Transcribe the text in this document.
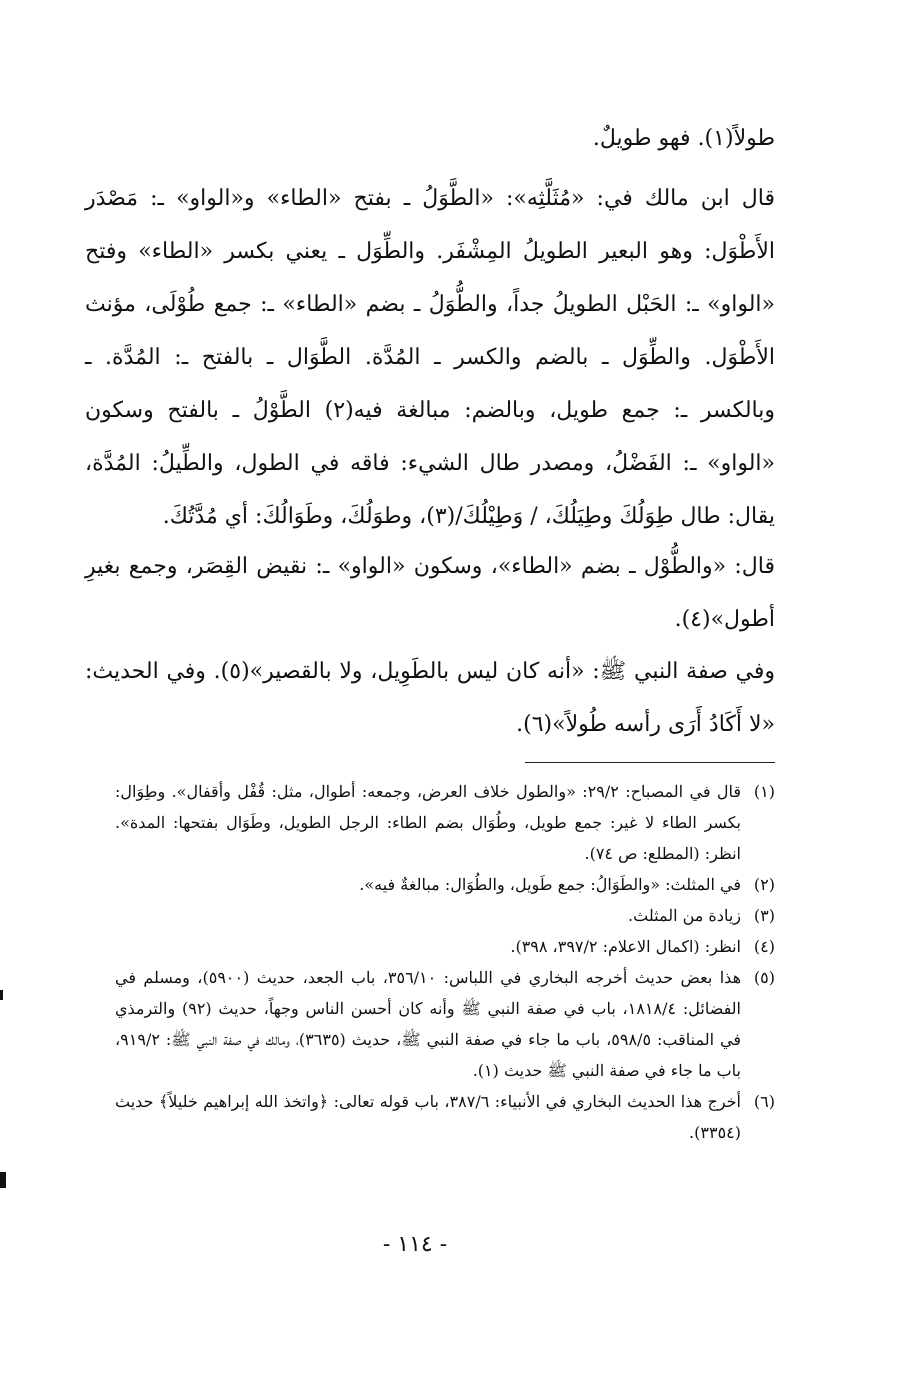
طولاً(١). فهو طويلٌ.

قال ابن مالك في: «مُثَلَّثِه»: «الطَّوَلُ ـ بفتح «الطاء» و«الواو» ـ: مَصْدَر الأَطْوَل: وهو البعير الطويلُ المِشْفَر. والطِّوَل ـ يعني بكسر «الطاء» وفتح «الواو» ـ: الحَبْل الطويلُ جداً، والطُّوَلُ ـ بضم «الطاء» ـ: جمع طُوْلَى، مؤنث الأَطْوَل. والطِّوَل ـ بالضم والكسر ـ المُدَّة. الطَّوَال ـ بالفتح ـ: المُدَّة. ـ وبالكسر ـ: جمع طويل، وبالضم: مبالغة فيه(٢) الطَّوْلُ ـ بالفتح وسكون «الواو» ـ: الفَضْلُ، ومصدر طال الشيء: فاقه في الطول، والطِّيلُ: المُدَّة، يقال: طال طِوَلُكَ وطِيَلُكَ، / وَطِيْلُكَ/(٣)، وطوَلُكَ، وطَوَالُكَ: أي مُدَّتُكَ.

قال: «والطُّوْل ـ بضم «الطاء»، وسكون «الواو» ـ: نقيض القِصَر، وجمع بغيرِ أطول»(٤).

وفي صفة النبي ﷺ: «أنه كان ليس بالطَوِيل، ولا بالقصير»(٥). وفي الحديث: «لا أَكَادُ أَرَى رأسه طُولاً»(٦).

(١)
قال في المصباح: ٢٩/٢: «والطول خلاف العرض، وجمعه: أطوال، مثل: قُفْل وأقفال». وطِوَال: بكسر الطاء لا غير: جمع طويل، وطُوَال بضم الطاء: الرجل الطويل، وطَوَال بفتحها: المدة». انظر: (المطلع: ص ٧٤).
(٢)
في المثلث: «والطَوَالُ: جمع طَويل، والطُوَال: مبالغةٌ فيه».
(٣)
زيادة من المثلث.
(٤)
انظر: (اكمال الاعلام: ٣٩٧/٢، ٣٩٨).
(٥)
هذا بعض حديث أخرجه البخاري في اللباس: ٣٥٦/١٠، باب الجعد، حديث (٥٩٠٠)، ومسلم في الفضائل: ١٨١٨/٤، باب في صفة النبي ﷺ وأنه كان أحسن الناس وجهاً، حديث (٩٢) والترمذي في المناقب: ٥٩٨/٥، باب ما جاء في صفة النبي ﷺ، حديث (٣٦٣٥)، ومالك في صفة النبي ﷺ: ٩١٩/٢، باب ما جاء في صفة النبي ﷺ حديث (١).
(٦)
أخرج هذا الحديث البخاري في الأنبياء: ٣٨٧/٦، باب قوله تعالى: ﴿واتخذ الله إبراهيم خليلاً﴾ حديث (٣٣٥٤).
- ١١٤ -
